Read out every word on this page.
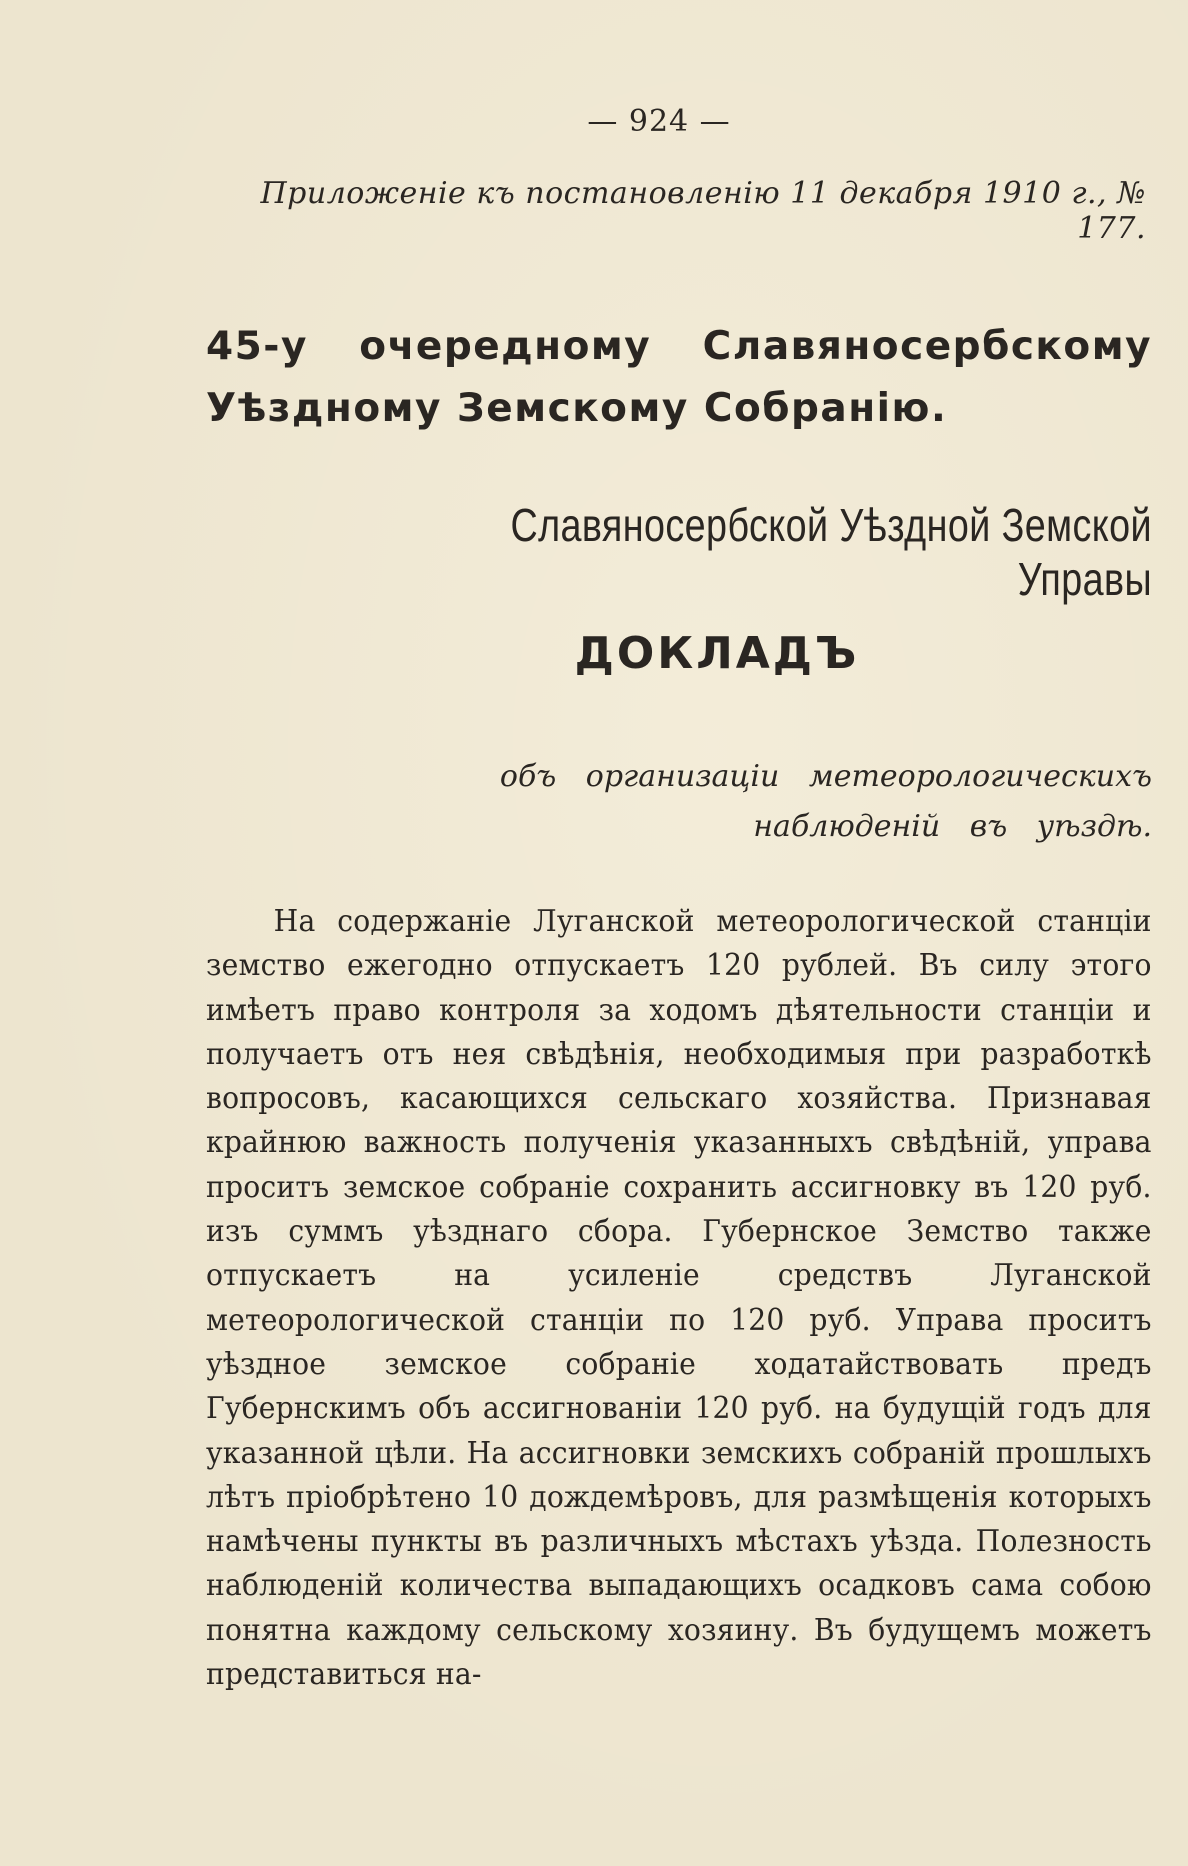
— 924 —
Приложеніе къ постановленію 11 декабря 1910 г., № 177.
45-у очередному Славяносербскому Уѣздному Земскому Собранію.
Славяносербской Уѣздной Земской Управы
ДОКЛАДЪ
объ организаціи метеорологическихъ
наблюденій въ уѣздѣ.
На содержаніе Луганской метеорологической станціи земство ежегодно отпускаетъ 120 рублей. Въ силу этого имѣетъ право контроля за ходомъ дѣятельности станціи и получаетъ отъ нея свѣдѣнія, необходимыя при разработкѣ вопросовъ, касающихся сельскаго хозяйства. Признавая крайнюю важность полученія указанныхъ свѣдѣній, управа проситъ земское собраніе сохранить ассигновку въ 120 руб. изъ суммъ уѣзднаго сбора. Губернское Земство также отпускаетъ на усиленіе средствъ Луганской метеорологической станціи по 120 руб. Управа проситъ уѣздное земское собраніе ходатайствовать предъ Губернскимъ объ ассигнованіи 120 руб. на будущій годъ для указанной цѣли. На ассигновки земскихъ собраній прошлыхъ лѣтъ пріобрѣтено 10 дождемѣровъ, для размѣщенія которыхъ намѣчены пункты въ различныхъ мѣстахъ уѣзда. Полезность наблюденій количества выпадающихъ осадковъ сама собою понятна каждому сельскому хозяину. Въ будущемъ можетъ представиться на-
